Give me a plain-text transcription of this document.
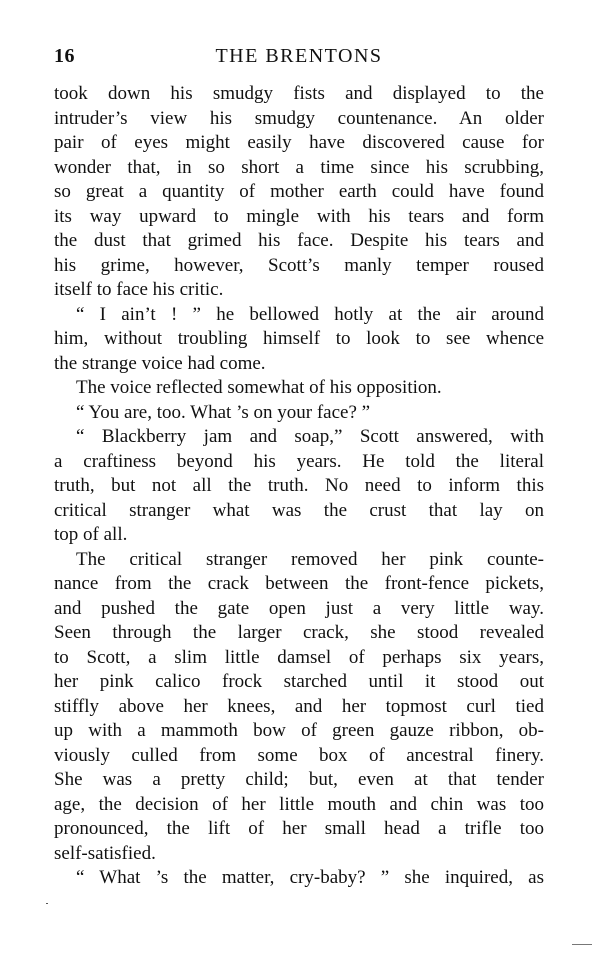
16	THE BRENTONS
took down his smudgy fists and displayed to the
intruder’s view his smudgy countenance. An older
pair of eyes might easily have discovered cause for
wonder that, in so short a time since his scrubbing,
so great a quantity of mother earth could have found
its way upward to mingle with his tears and form
the dust that grimed his face. Despite his tears and
his grime, however, Scott’s manly temper roused
itself to face his critic.
“ I ain’t ! ” he bellowed hotly at the air around
him, without troubling himself to look to see whence
the strange voice had come.
The voice reflected somewhat of his opposition.
“ You are, too. What ’s on your face? ”
“ Blackberry jam and soap,” Scott answered, with
a craftiness beyond his years. He told the literal
truth, but not all the truth. No need to inform this
critical stranger what was the crust that lay on
top of all.
The critical stranger removed her pink counte-
nance from the crack between the front-fence pickets,
and pushed the gate open just a very little way.
Seen through the larger crack, she stood revealed
to Scott, a slim little damsel of perhaps six years,
her pink calico frock starched until it stood out
stiffly above her knees, and her topmost curl tied
up with a mammoth bow of green gauze ribbon, ob-
viously culled from some box of ancestral finery.
She was a pretty child; but, even at that tender
age, the decision of her little mouth and chin was too
pronounced, the lift of her small head a trifle too
self-satisfied.
“ What ’s the matter, cry-baby? ” she inquired, as
